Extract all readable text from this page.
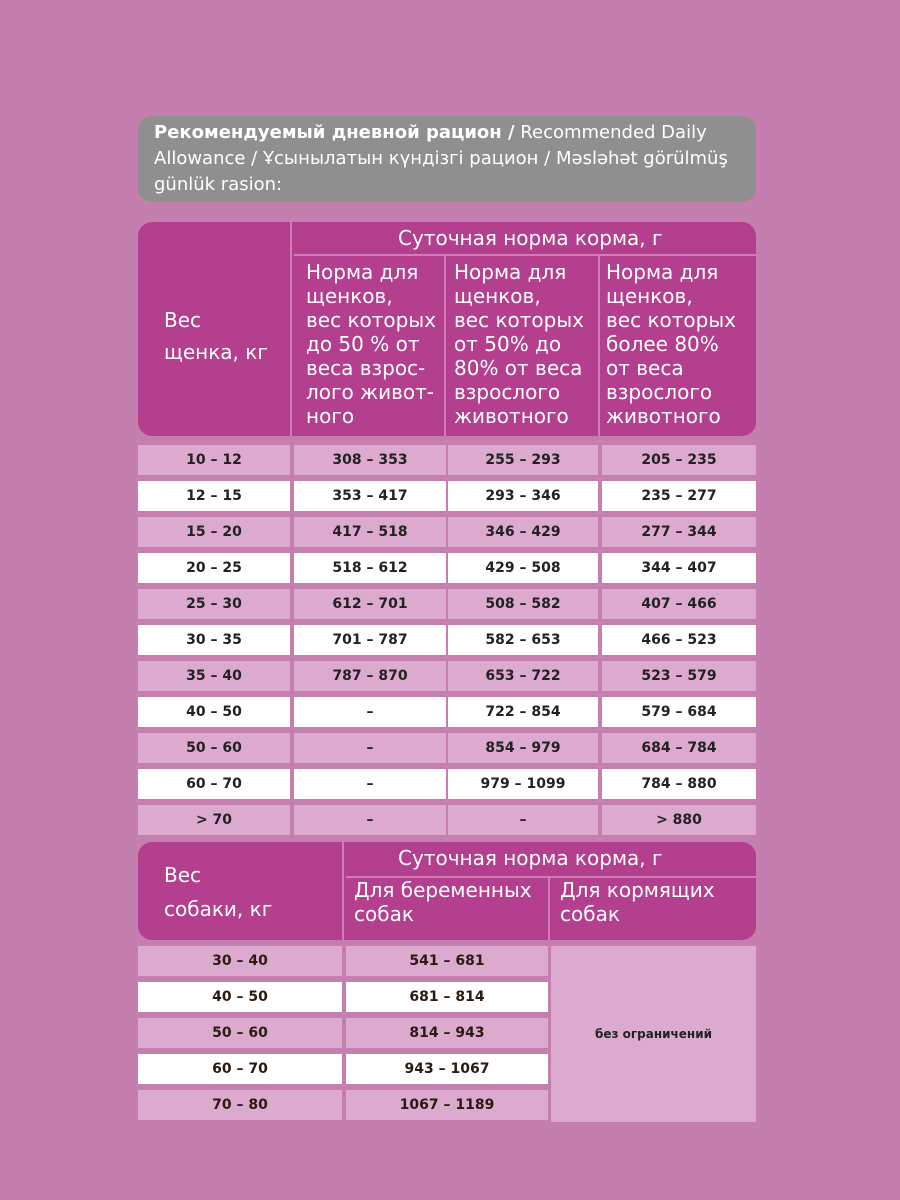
Рекомендуемый дневной рацион / Recommended Daily
Allowance / Ұсынылатын күндізгі рацион / Məsləhət görülmüş
günlük rasion:
Вес
щенка, кг
Суточная норма корма, г
Норма для
щенков,
вес которых
до 50 % от
веса взрос-
лого живот-
ного
Норма для
щенков,
вес которых
от 50% до
80% от веса
взрослого
животного
Норма для
щенков,
вес которых
более 80%
от веса
взрослого
животного
10 – 12	308 – 353	255 – 293	205 – 235
12 – 15	353 – 417	293 – 346	235 – 277
15 – 20	417 – 518	346 – 429	277 – 344
20 – 25	518 – 612	429 – 508	344 – 407
25 – 30	612 – 701	508 – 582	407 – 466
30 – 35	701 – 787	582 – 653	466 – 523
35 – 40	787 – 870	653 – 722	523 – 579
40 – 50	–	722 – 854	579 – 684
50 – 60	–	854 – 979	684 – 784
60 – 70	–	979 – 1099	784 – 880
> 70	–	–	> 880
Вес
собаки, кг
Суточная норма корма, г
Для беременных
собак
Для кормящих
собак
30 – 40	541 – 681
40 – 50	681 – 814
50 – 60	814 – 943
60 – 70	943 – 1067
70 – 80	1067 – 1189
без ограничений
